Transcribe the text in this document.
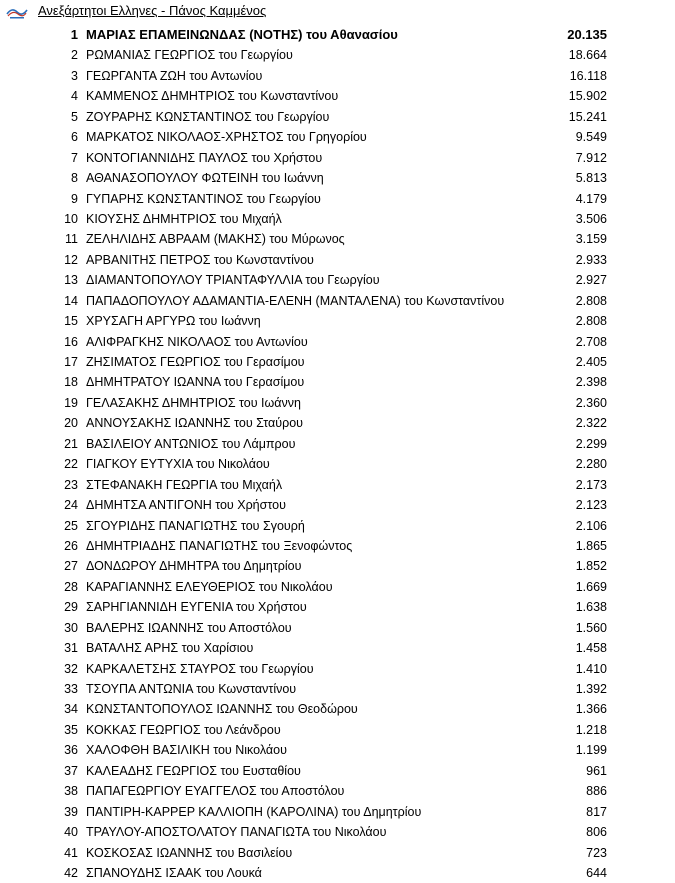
Ανεξάρτητοι Ελληνες - Πάνος Καμμένος
1 ΜΑΡΙΑΣ ΕΠΑΜΕΙΝΩΝΔΑΣ (ΝΟΤΗΣ) του Αθανασίου	20.135
2 ΡΩΜΑΝΙΑΣ ΓΕΩΡΓΙΟΣ του Γεωργίου	18.664
3 ΓΕΩΡΓΑΝΤΑ ΖΩΗ του Αντωνίου	16.118
4 ΚΑΜΜΕΝΟΣ ΔΗΜΗΤΡΙΟΣ του Κωνσταντίνου	15.902
5 ΖΟΥΡΑΡΗΣ ΚΩΝΣΤΑΝΤΙΝΟΣ του Γεωργίου	15.241
6 ΜΑΡΚΑΤΟΣ ΝΙΚΟΛΑΟΣ-ΧΡΗΣΤΟΣ του Γρηγορίου	9.549
7 ΚΟΝΤΟΓΙΑΝΝΙΔΗΣ ΠΑΥΛΟΣ του Χρήστου	7.912
8 ΑΘΑΝΑΣΟΠΟΥΛΟΥ ΦΩΤΕΙΝΗ του Ιωάννη	5.813
9 ΓΥΠΑΡΗΣ ΚΩΝΣΤΑΝΤΙΝΟΣ του Γεωργίου	4.179
10 ΚΙΟΥΣΗΣ ΔΗΜΗΤΡΙΟΣ του Μιχαήλ	3.506
11 ΖΕΛΗΛΙΔΗΣ ΑΒΡΑΑΜ (ΜΑΚΗΣ) του Μύρωνος	3.159
12 ΑΡΒΑΝΙΤΗΣ ΠΕΤΡΟΣ του Κωνσταντίνου	2.933
13 ΔΙΑΜΑΝΤΟΠΟΥΛΟΥ ΤΡΙΑΝΤΑΦΥΛΛΙΑ του Γεωργίου	2.927
14 ΠΑΠΑΔΟΠΟΥΛΟΥ ΑΔΑΜΑΝΤΙΑ-ΕΛΕΝΗ (ΜΑΝΤΑΛΕΝΑ) του Κωνσταντίνου	2.808
15 ΧΡΥΣΑΓΗ ΑΡΓΥΡΩ του Ιωάννη	2.808
16 ΑΛΙΦΡΑΓΚΗΣ ΝΙΚΟΛΑΟΣ του Αντωνίου	2.708
17 ΖΗΣΙΜΑΤΟΣ ΓΕΩΡΓΙΟΣ του Γερασίμου	2.405
18 ΔΗΜΗΤΡΑΤΟΥ ΙΩΑΝΝΑ του Γερασίμου	2.398
19 ΓΕΛΑΣΑΚΗΣ ΔΗΜΗΤΡΙΟΣ του Ιωάννη	2.360
20 ΑΝΝΟΥΣΑΚΗΣ ΙΩΑΝΝΗΣ του Σταύρου	2.322
21 ΒΑΣΙΛΕΙΟΥ ΑΝΤΩΝΙΟΣ του Λάμπρου	2.299
22 ΓΙΑΓΚΟΥ ΕΥΤΥΧΙΑ του Νικολάου	2.280
23 ΣΤΕΦΑΝΑΚΗ ΓΕΩΡΓΙΑ του Μιχαήλ	2.173
24 ΔΗΜΗΤΣΑ ΑΝΤΙΓΟΝΗ του Χρήστου	2.123
25 ΣΓΟΥΡΙΔΗΣ ΠΑΝΑΓΙΩΤΗΣ του Σγουρή	2.106
26 ΔΗΜΗΤΡΙΑΔΗΣ ΠΑΝΑΓΙΩΤΗΣ του Ξενοφώντος	1.865
27 ΔΟΝΔΩΡΟΥ ΔΗΜΗΤΡΑ του Δημητρίου	1.852
28 ΚΑΡΑΓΙΑΝΝΗΣ ΕΛΕΥΘΕΡΙΟΣ του Νικολάου	1.669
29 ΣΑΡΗΓΙΑΝΝΙΔΗ ΕΥΓΕΝΙΑ του Χρήστου	1.638
30 ΒΑΛΕΡΗΣ ΙΩΑΝΝΗΣ του Αποστόλου	1.560
31 ΒΑΤΑΛΗΣ ΑΡΗΣ του Χαρίσιου	1.458
32 ΚΑΡΚΑΛΕΤΣΗΣ ΣΤΑΥΡΟΣ του Γεωργίου	1.410
33 ΤΣΟΥΠΑ ΑΝΤΩΝΙΑ του Κωνσταντίνου	1.392
34 ΚΩΝΣΤΑΝΤΟΠΟΥΛΟΣ ΙΩΑΝΝΗΣ του Θεοδώρου	1.366
35 ΚΟΚΚΑΣ ΓΕΩΡΓΙΟΣ του Λεάνδρου	1.218
36 ΧΑΛΟΦΘΗ ΒΑΣΙΛΙΚΗ του Νικολάου	1.199
37 ΚΑΛΕΑΔΗΣ ΓΕΩΡΓΙΟΣ του Ευσταθίου	961
38 ΠΑΠΑΓΕΩΡΓΙΟΥ ΕΥΑΓΓΕΛΟΣ του Αποστόλου	886
39 ΠΑΝΤΙΡΗ-ΚΑΡΡΕΡ ΚΑΛΛΙΟΠΗ (ΚΑΡΟΛΙΝΑ) του Δημητρίου	817
40 ΤΡΑΥΛΟΥ-ΑΠΟΣΤΟΛΑΤΟΥ ΠΑΝΑΓΙΩΤΑ του Νικολάου	806
41 ΚΟΣΚΟΣΑΣ ΙΩΑΝΝΗΣ του Βασιλείου	723
42 ΣΠΑΝΟΥΔΗΣ ΙΣΑΑΚ του Λουκά	644
